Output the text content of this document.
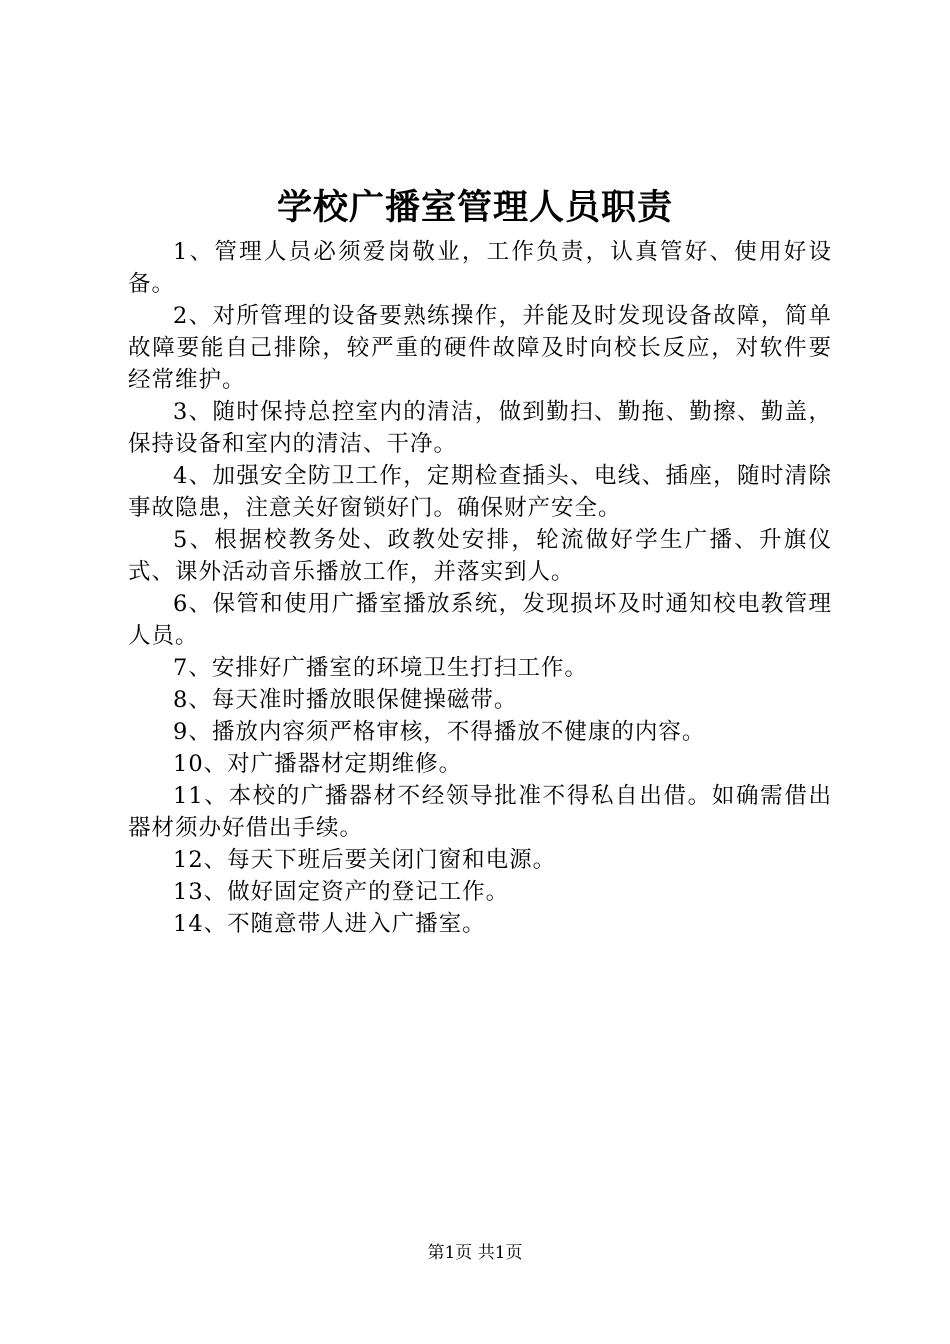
学校广播室管理人员职责

1、管理人员必须爱岗敬业，工作负责，认真管好、使用好设备。

2、对所管理的设备要熟练操作，并能及时发现设备故障，简单故障要能自己排除，较严重的硬件故障及时向校长反应，对软件要经常维护。

3、随时保持总控室内的清洁，做到勤扫、勤拖、勤擦、勤盖，保持设备和室内的清洁、干净。

4、加强安全防卫工作，定期检查插头、电线、插座，随时清除事故隐患，注意关好窗锁好门。确保财产安全。

5、根据校教务处、政教处安排，轮流做好学生广播、升旗仪式、课外活动音乐播放工作，并落实到人。

6、保管和使用广播室播放系统，发现损坏及时通知校电教管理人员。

7、安排好广播室的环境卫生打扫工作。

8、每天准时播放眼保健操磁带。

9、播放内容须严格审核，不得播放不健康的内容。

10、对广播器材定期维修。

11、本校的广播器材不经领导批准不得私自出借。如确需借出器材须办好借出手续。

12、每天下班后要关闭门窗和电源。

13、做好固定资产的登记工作。

14、不随意带人进入广播室。

第1页 共1页
